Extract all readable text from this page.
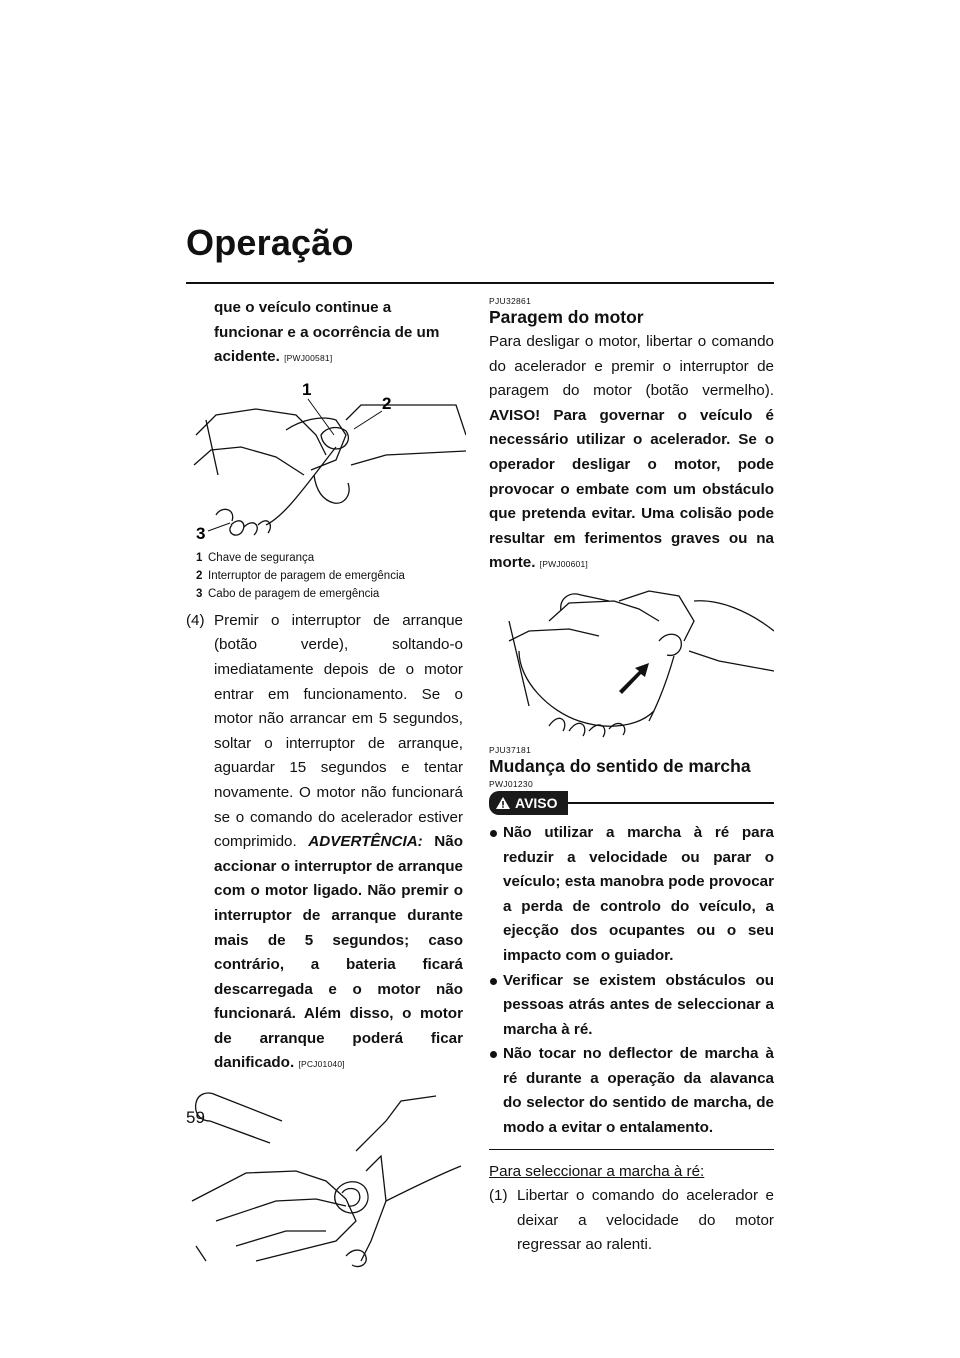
Operação

que o veículo continue a funcionar e a ocorrência de um acidente. [PWJ00581]

1
2
3
1 Chave de segurança
2 Interruptor de paragem de emergência
3 Cabo de paragem de emergência
(4) Premir o interruptor de arranque (botão verde), soltando-o imediatamente depois de o motor entrar em funcionamento. Se o motor não arrancar em 5 segundos, soltar o interruptor de arranque, aguardar 15 segundos e tentar novamente. O motor não funcionará se o comando do acelerador estiver comprimido. ADVERTÊNCIA: Não accionar o interruptor de arranque com o motor ligado. Não premir o interruptor de arranque durante mais de 5 segundos; caso contrário, a bateria ficará descarregada e o motor não funcionará. Além disso, o motor de arranque poderá ficar danificado. [PCJ01040]

PJU32861

Paragem do motor

Para desligar o motor, libertar o comando do acelerador e premir o interruptor de paragem do motor (botão vermelho). AVISO! Para governar o veículo é necessário utilizar o acelerador. Se o operador desligar o motor, pode provocar o embate com um obstáculo que pretenda evitar. Uma colisão pode resultar em ferimentos graves ou na morte. [PWJ00601]

PJU37181

Mudança do sentido de marcha

PWJ01230

AVISO
Não utilizar a marcha à ré para reduzir a velocidade ou parar o veículo; esta manobra pode provocar a perda de controlo do veículo, a ejecção dos ocupantes ou o seu impacto com o guiador.
Verificar se existem obstáculos ou pessoas atrás antes de seleccionar a marcha à ré.
Não tocar no deflector de marcha à ré durante a operação da alavanca do selector do sentido de marcha, de modo a evitar o entalamento.

Para seleccionar a marcha à ré:

(1) Libertar o comando do acelerador e deixar a velocidade do motor regressar ao ralenti.
59
